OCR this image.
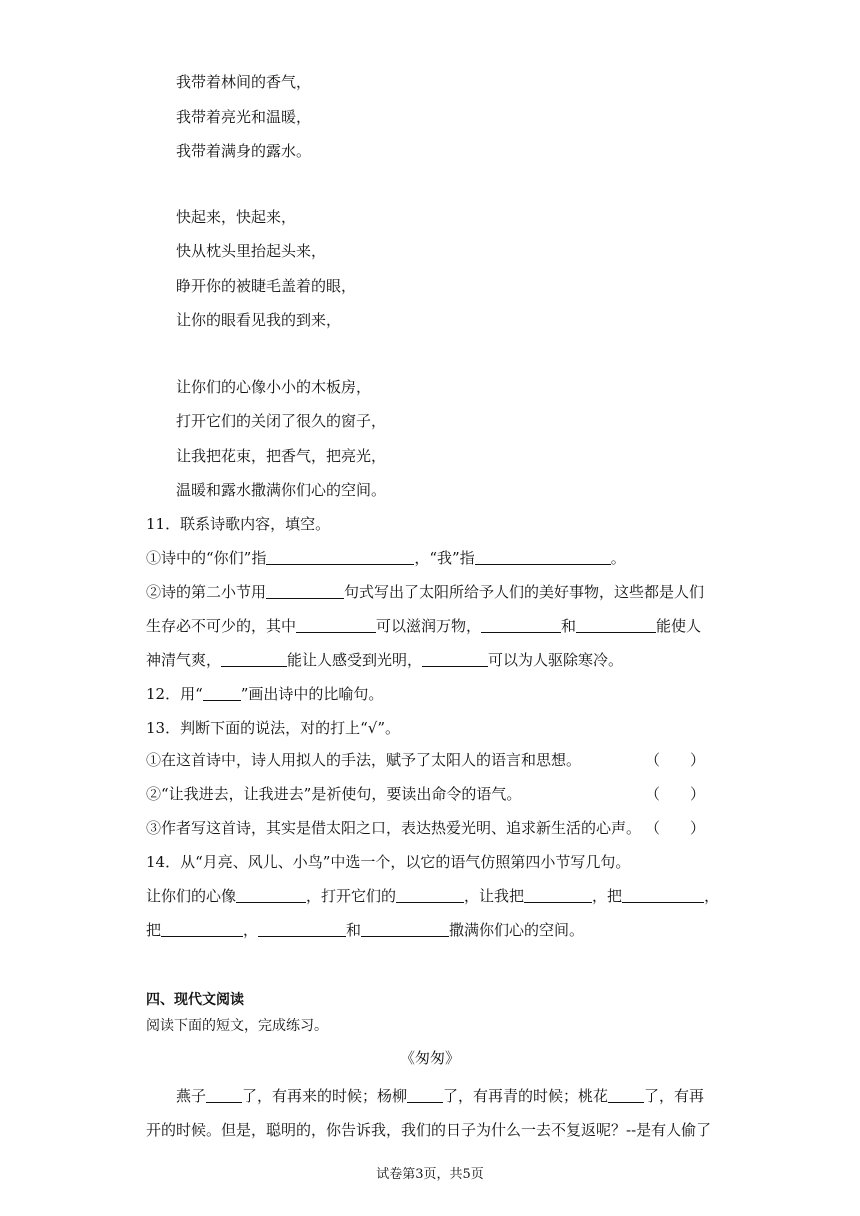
我带着林间的香气，
我带着亮光和温暖，
我带着满身的露水。
快起来，快起来，
快从枕头里抬起头来，
睁开你的被睫毛盖着的眼，
让你的眼看见我的到来，
让你们的心像小小的木板房，
打开它们的关闭了很久的窗子，
让我把花束，把香气，把亮光，
温暖和露水撒满你们心的空间。
11．联系诗歌内容，填空。
①诗中的“你们”指	，“我”指	。
②诗的第二小节用	句式写出了太阳所给予人们的美好事物，这些都是人们
生存必不可少的，其中	可以滋润万物，	和	能使人
神清气爽，	能让人感受到光明，	可以为人驱除寒冷。
12．用“	”画出诗中的比喻句。
13．判断下面的说法，对的打上“√”。
①在这首诗中，诗人用拟人的手法，赋予了太阳人的语言和思想。	（　　）
②“让我进去，让我进去”是祈使句，要读出命令的语气。	（　　）
③作者写这首诗，其实是借太阳之口，表达热爱光明、追求新生活的心声。 （　　）
14．从“月亮、风儿、小鸟”中选一个，以它的语气仿照第四小节写几句。
让你们的心像	，打开它们的	，让我把	，把	，
把	，	和	撒满你们心的空间。
四、现代文阅读
阅读下面的短文，完成练习。
《匆匆》
燕子 了，有再来的时候；杨柳 了，有再青的时候；桃花 了，有再
开的时候。但是，聪明的，你告诉我，我们的日子为什么一去不复返呢？--是有人偷了
试卷第3页，共5页
